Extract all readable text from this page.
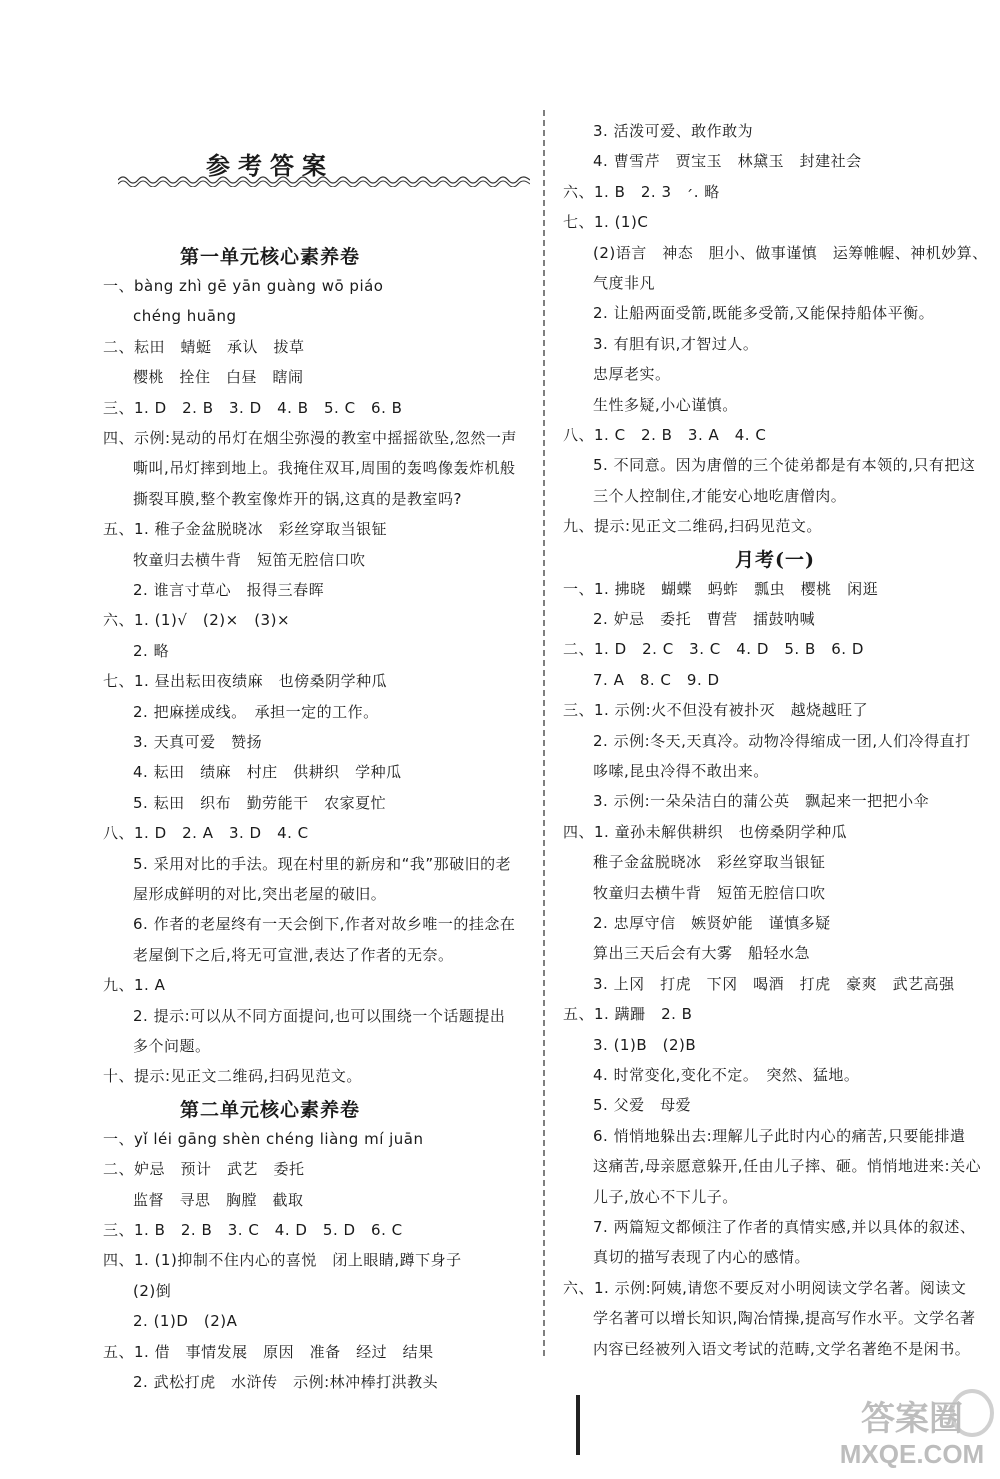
参考答案
第一单元核心素养卷
一、bàng zhì gē yān guàng wō piáo
chéng huāng
二、耘田　蜻蜓　承认　拔草
樱桃　拴住　白昼　瞎闹
三、1. D　2. B　3. D　4. B　5. C　6. B
四、示例:晃动的吊灯在烟尘弥漫的教室中摇摇欲坠,忽然一声
嘶叫,吊灯摔到地上。我掩住双耳,周围的轰鸣像轰炸机般
撕裂耳膜,整个教室像炸开的锅,这真的是教室吗?
五、1. 稚子金盆脱晓冰　彩丝穿取当银钲
牧童归去横牛背　短笛无腔信口吹
2. 谁言寸草心　报得三春晖
六、1. (1)√　(2)×　(3)×
2. 略
七、1. 昼出耘田夜绩麻　也傍桑阴学种瓜
2. 把麻搓成线。　承担一定的工作。
3. 天真可爱　赞扬
4. 耘田　绩麻　村庄　供耕织　学种瓜
5. 耘田　织布　勤劳能干　农家夏忙
八、1. D　2. A　3. D　4. C
5. 采用对比的手法。现在村里的新房和“我”那破旧的老
屋形成鲜明的对比,突出老屋的破旧。
6. 作者的老屋终有一天会倒下,作者对故乡唯一的挂念在
老屋倒下之后,将无可宣泄,表达了作者的无奈。
九、1. A
2. 提示:可以从不同方面提问,也可以围绕一个话题提出
多个问题。
十、提示:见正文二维码,扫码见范文。
第二单元核心素养卷
一、yǐ léi gāng shèn chéng liàng mí juān
二、妒忌　预计　武艺　委托
监督　寻思　胸膛　截取
三、1. B　2. B　3. C　4. D　5. D　6. C
四、1. (1)抑制不住内心的喜悦　闭上眼睛,蹲下身子
(2)倒
2. (1)D　(2)A
五、1. 借　事情发展　原因　准备　经过　结果
2. 武松打虎　水浒传　示例:林冲棒打洪教头
3. 活泼可爱、敢作敢为
4. 曹雪芹　贾宝玉　林黛玉　封建社会
六、1. B　2. ׳　3. 略
七、1. (1)C
(2)语言　神态　胆小、做事谨慎　运筹帷幄、神机妙算、
气度非凡
2. 让船两面受箭,既能多受箭,又能保持船体平衡。
3. 有胆有识,才智过人。
忠厚老实。
生性多疑,小心谨慎。
八、1. C　2. B　3. A　4. C
5. 不同意。因为唐僧的三个徒弟都是有本领的,只有把这
三个人控制住,才能安心地吃唐僧肉。
九、提示:见正文二维码,扫码见范文。
月考(一)
一、1. 拂晓　蝴蝶　蚂蚱　瓢虫　樱桃　闲逛
2. 妒忌　委托　曹营　擂鼓呐喊
二、1. D　2. C　3. C　4. D　5. B　6. D
7. A　8. C　9. D
三、1. 示例:火不但没有被扑灭　越烧越旺了
2. 示例:冬天,天真冷。动物冷得缩成一团,人们冷得直打
哆嗦,昆虫冷得不敢出来。
3. 示例:一朵朵洁白的蒲公英　飘起来一把把小伞
四、1. 童孙未解供耕织　也傍桑阴学种瓜
稚子金盆脱晓冰　彩丝穿取当银钲
牧童归去横牛背　短笛无腔信口吹
2. 忠厚守信　嫉贤妒能　谨慎多疑
算出三天后会有大雾　船轻水急
3. 上冈　打虎　下冈　喝酒　打虎　豪爽　武艺高强
五、1. 蹒跚　2. B
3. (1)B　(2)B
4. 时常变化,变化不定。　突然、猛地。
5. 父爱　母爱
6. 悄悄地躲出去:理解儿子此时内心的痛苦,只要能排遣
这痛苦,母亲愿意躲开,任由儿子摔、砸。悄悄地进来:关心
儿子,放心不下儿子。
7. 两篇短文都倾注了作者的真情实感,并以具体的叙述、
真切的描写表现了内心的感情。
六、1. 示例:阿姨,请您不要反对小明阅读文学名著。阅读文
学名著可以增长知识,陶冶情操,提高写作水平。文学名著
内容已经被列入语文考试的范畴,文学名著绝不是闲书。
答案圈
MXQE.COM
